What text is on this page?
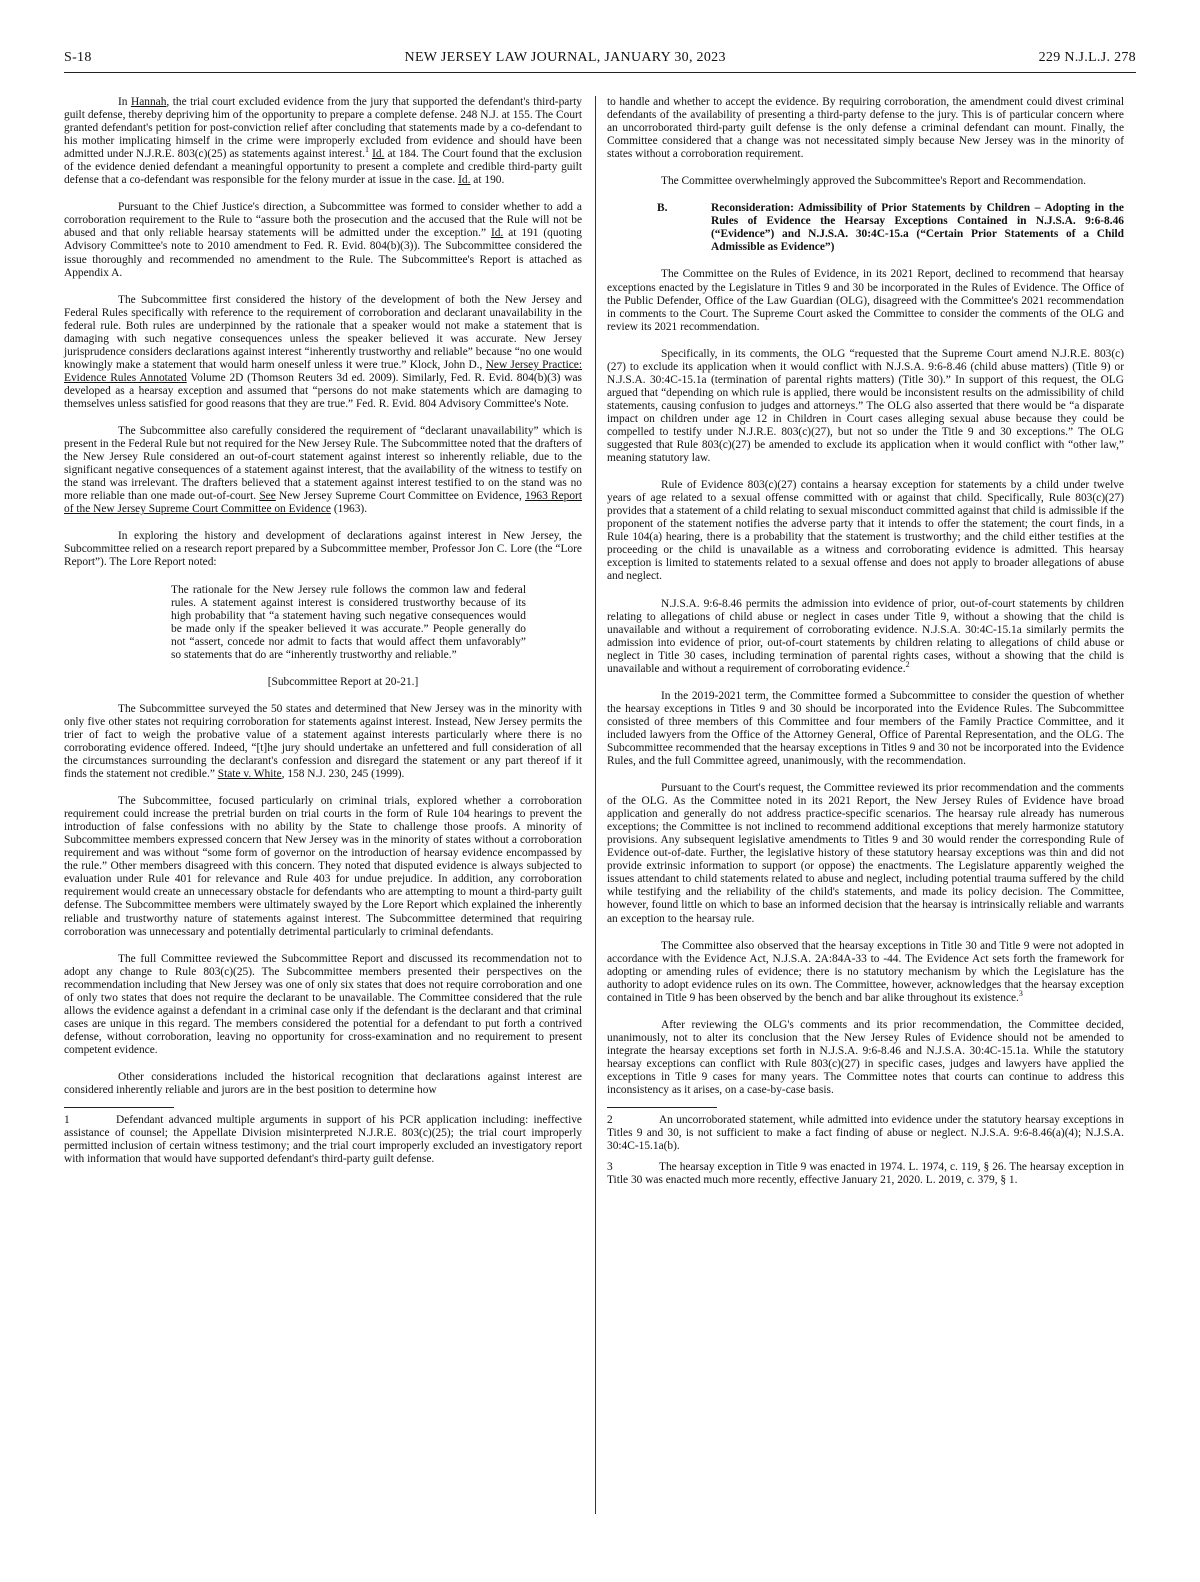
S-18	NEW JERSEY LAW JOURNAL, JANUARY 30, 2023	229 N.J.L.J. 278

In Hannah, the trial court excluded evidence from the jury that supported the defendant's third-party guilt defense, thereby depriving him of the opportunity to prepare a complete defense. 248 N.J. at 155. The Court granted defendant's petition for post-conviction relief after concluding that statements made by a co-defendant to his mother implicating himself in the crime were improperly excluded from evidence and should have been admitted under N.J.R.E. 803(c)(25) as statements against interest.$^1$ Id. at 184. The Court found that the exclusion of the evidence denied defendant a meaningful opportunity to present a complete and credible third-party guilt defense that a co-defendant was responsible for the felony murder at issue in the case. Id. at 190.

Pursuant to the Chief Justice's direction, a Subcommittee was formed to consider whether to add a corroboration requirement to the Rule to “assure both the prosecution and the accused that the Rule will not be abused and that only reliable hearsay statements will be admitted under the exception.” Id. at 191 (quoting Advisory Committee's note to 2010 amendment to Fed. R. Evid. 804(b)(3)). The Subcommittee considered the issue thoroughly and recommended no amendment to the Rule. The Subcommittee's Report is attached as Appendix A.

The Subcommittee first considered the history of the development of both the New Jersey and Federal Rules specifically with reference to the requirement of corroboration and declarant unavailability in the federal rule. Both rules are underpinned by the rationale that a speaker would not make a statement that is damaging with such negative consequences unless the speaker believed it was accurate. New Jersey jurisprudence considers declarations against interest “inherently trustworthy and reliable” because “no one would knowingly make a statement that would harm oneself unless it were true.” Klock, John D., New Jersey Practice: Evidence Rules Annotated Volume 2D (Thomson Reuters 3d ed. 2009). Similarly, Fed. R. Evid. 804(b)(3) was developed as a hearsay exception and assumed that “persons do not make statements which are damaging to themselves unless satisfied for good reasons that they are true.” Fed. R. Evid. 804 Advisory Committee's Note.

The Subcommittee also carefully considered the requirement of “declarant unavailability” which is present in the Federal Rule but not required for the New Jersey Rule. The Subcommittee noted that the drafters of the New Jersey Rule considered an out-of-court statement against interest so inherently reliable, due to the significant negative consequences of a statement against interest, that the availability of the witness to testify on the stand was irrelevant. The drafters believed that a statement against interest testified to on the stand was no more reliable than one made out-of-court. See New Jersey Supreme Court Committee on Evidence, 1963 Report of the New Jersey Supreme Court Committee on Evidence (1963).

In exploring the history and development of declarations against interest in New Jersey, the Subcommittee relied on a research report prepared by a Subcommittee member, Professor Jon C. Lore (the “Lore Report”). The Lore Report noted:

The rationale for the New Jersey rule follows the common law and federal rules. A statement against interest is considered trustworthy because of its high probability that “a statement having such negative consequences would be made only if the speaker believed it was accurate.” People generally do not “assert, concede nor admit to facts that would affect them unfavorably” so statements that do are “inherently trustworthy and reliable.”
[Subcommittee Report at 20-21.]

The Subcommittee surveyed the 50 states and determined that New Jersey was in the minority with only five other states not requiring corroboration for statements against interest. Instead, New Jersey permits the trier of fact to weigh the probative value of a statement against interests particularly where there is no corroborating evidence offered. Indeed, “[t]he jury should undertake an unfettered and full consideration of all the circumstances surrounding the declarant's confession and disregard the statement or any part thereof if it finds the statement not credible.” State v. White, 158 N.J. 230, 245 (1999).

The Subcommittee, focused particularly on criminal trials, explored whether a corroboration requirement could increase the pretrial burden on trial courts in the form of Rule 104 hearings to prevent the introduction of false confessions with no ability by the State to challenge those proofs. A minority of Subcommittee members expressed concern that New Jersey was in the minority of states without a corroboration requirement and was without “some form of governor on the introduction of hearsay evidence encompassed by the rule.” Other members disagreed with this concern. They noted that disputed evidence is always subjected to evaluation under Rule 401 for relevance and Rule 403 for undue prejudice. In addition, any corroboration requirement would create an unnecessary obstacle for defendants who are attempting to mount a third-party guilt defense. The Subcommittee members were ultimately swayed by the Lore Report which explained the inherently reliable and trustworthy nature of statements against interest. The Subcommittee determined that requiring corroboration was unnecessary and potentially detrimental particularly to criminal defendants.

The full Committee reviewed the Subcommittee Report and discussed its recommendation not to adopt any change to Rule 803(c)(25). The Subcommittee members presented their perspectives on the recommendation including that New Jersey was one of only six states that does not require corroboration and one of only two states that does not require the declarant to be unavailable. The Committee considered that the rule allows the evidence against a defendant in a criminal case only if the defendant is the declarant and that criminal cases are unique in this regard. The members considered the potential for a defendant to put forth a contrived defense, without corroboration, leaving no opportunity for cross-examination and no requirement to present competent evidence.

Other considerations included the historical recognition that declarations against interest are considered inherently reliable and jurors are in the best position to determine how

1	Defendant advanced multiple arguments in support of his PCR application including: ineffective assistance of counsel; the Appellate Division misinterpreted N.J.R.E. 803(c)(25); the trial court improperly permitted inclusion of certain witness testimony; and the trial court improperly excluded an investigatory report with information that would have supported defendant's third-party guilt defense.

to handle and whether to accept the evidence. By requiring corroboration, the amendment could divest criminal defendants of the availability of presenting a third-party defense to the jury. This is of particular concern where an uncorroborated third-party guilt defense is the only defense a criminal defendant can mount. Finally, the Committee considered that a change was not necessitated simply because New Jersey was in the minority of states without a corroboration requirement.

The Committee overwhelmingly approved the Subcommittee's Report and Recommendation.

B.	Reconsideration: Admissibility of Prior Statements by Children – Adopting in the Rules of Evidence the Hearsay Exceptions Contained in N.J.S.A. 9:6-8.46 (“Evidence”) and N.J.S.A. 30:4C-15.a (“Certain Prior Statements of a Child Admissible as Evidence”)

The Committee on the Rules of Evidence, in its 2021 Report, declined to recommend that hearsay exceptions enacted by the Legislature in Titles 9 and 30 be incorporated in the Rules of Evidence. The Office of the Public Defender, Office of the Law Guardian (OLG), disagreed with the Committee's 2021 recommendation in comments to the Court. The Supreme Court asked the Committee to consider the comments of the OLG and review its 2021 recommendation.

Specifically, in its comments, the OLG “requested that the Supreme Court amend N.J.R.E. 803(c)(27) to exclude its application when it would conflict with N.J.S.A. 9:6-8.46 (child abuse matters) (Title 9) or N.J.S.A. 30:4C-15.1a (termination of parental rights matters) (Title 30).” In support of this request, the OLG argued that “depending on which rule is applied, there would be inconsistent results on the admissibility of child statements, causing confusion to judges and attorneys.” The OLG also asserted that there would be “a disparate impact on children under age 12 in Children in Court cases alleging sexual abuse because they could be compelled to testify under N.J.R.E. 803(c)(27), but not so under the Title 9 and 30 exceptions.” The OLG suggested that Rule 803(c)(27) be amended to exclude its application when it would conflict with “other law,” meaning statutory law.

Rule of Evidence 803(c)(27) contains a hearsay exception for statements by a child under twelve years of age related to a sexual offense committed with or against that child. Specifically, Rule 803(c)(27) provides that a statement of a child relating to sexual misconduct committed against that child is admissible if the proponent of the statement notifies the adverse party that it intends to offer the statement; the court finds, in a Rule 104(a) hearing, there is a probability that the statement is trustworthy; and the child either testifies at the proceeding or the child is unavailable as a witness and corroborating evidence is admitted. This hearsay exception is limited to statements related to a sexual offense and does not apply to broader allegations of abuse and neglect.

N.J.S.A. 9:6-8.46 permits the admission into evidence of prior, out-of-court statements by children relating to allegations of child abuse or neglect in cases under Title 9, without a showing that the child is unavailable and without a requirement of corroborating evidence. N.J.S.A. 30:4C-15.1a similarly permits the admission into evidence of prior, out-of-court statements by children relating to allegations of child abuse or neglect in Title 30 cases, including termination of parental rights cases, without a showing that the child is unavailable and without a requirement of corroborating evidence.$^2$

In the 2019-2021 term, the Committee formed a Subcommittee to consider the question of whether the hearsay exceptions in Titles 9 and 30 should be incorporated into the Evidence Rules. The Subcommittee consisted of three members of this Committee and four members of the Family Practice Committee, and it included lawyers from the Office of the Attorney General, Office of Parental Representation, and the OLG. The Subcommittee recommended that the hearsay exceptions in Titles 9 and 30 not be incorporated into the Evidence Rules, and the full Committee agreed, unanimously, with the recommendation.

Pursuant to the Court's request, the Committee reviewed its prior recommendation and the comments of the OLG. As the Committee noted in its 2021 Report, the New Jersey Rules of Evidence have broad application and generally do not address practice-specific scenarios. The hearsay rule already has numerous exceptions; the Committee is not inclined to recommend additional exceptions that merely harmonize statutory provisions. Any subsequent legislative amendments to Titles 9 and 30 would render the corresponding Rule of Evidence out-of-date. Further, the legislative history of these statutory hearsay exceptions was thin and did not provide extrinsic information to support (or oppose) the enactments. The Legislature apparently weighed the issues attendant to child statements related to abuse and neglect, including potential trauma suffered by the child while testifying and the reliability of the child's statements, and made its policy decision. The Committee, however, found little on which to base an informed decision that the hearsay is intrinsically reliable and warrants an exception to the hearsay rule.

The Committee also observed that the hearsay exceptions in Title 30 and Title 9 were not adopted in accordance with the Evidence Act, N.J.S.A. 2A:84A-33 to -44. The Evidence Act sets forth the framework for adopting or amending rules of evidence; there is no statutory mechanism by which the Legislature has the authority to adopt evidence rules on its own. The Committee, however, acknowledges that the hearsay exception contained in Title 9 has been observed by the bench and bar alike throughout its existence.$^3$

After reviewing the OLG's comments and its prior recommendation, the Committee decided, unanimously, not to alter its conclusion that the New Jersey Rules of Evidence should not be amended to integrate the hearsay exceptions set forth in N.J.S.A. 9:6-8.46 and N.J.S.A. 30:4C-15.1a. While the statutory hearsay exceptions can conflict with Rule 803(c)(27) in specific cases, judges and lawyers have applied the exceptions in Title 9 cases for many years. The Committee notes that courts can continue to address this inconsistency as it arises, on a case-by-case basis.

2	An uncorroborated statement, while admitted into evidence under the statutory hearsay exceptions in Titles 9 and 30, is not sufficient to make a fact finding of abuse or neglect. N.J.S.A. 9:6-8.46(a)(4); N.J.S.A. 30:4C-15.1a(b).
3	The hearsay exception in Title 9 was enacted in 1974. L. 1974, c. 119, § 26. The hearsay exception in Title 30 was enacted much more recently, effective January 21, 2020. L. 2019, c. 379, § 1.
